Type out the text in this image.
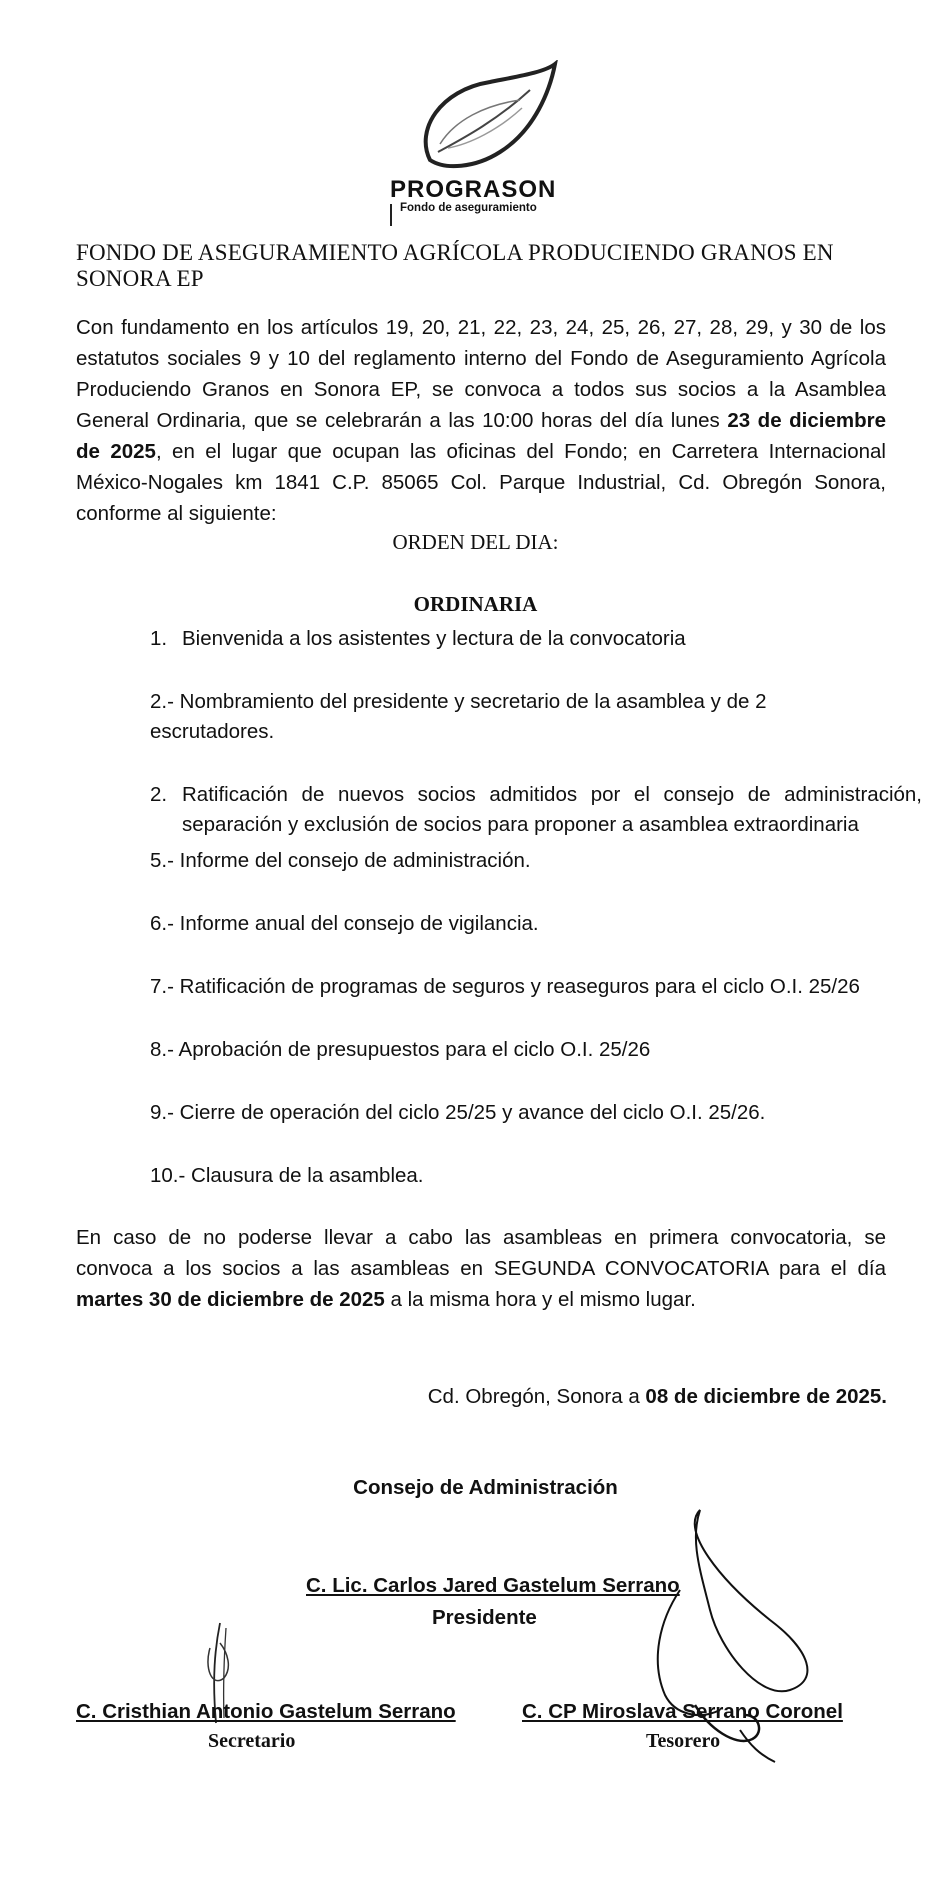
PROGRASON
Fondo de aseguramiento
FONDO DE ASEGURAMIENTO AGRÍCOLA PRODUCIENDO GRANOS EN SONORA EP

Con fundamento en los artículos 19, 20, 21, 22, 23, 24, 25, 26, 27, 28, 29, y 30 de los estatutos sociales 9 y 10 del reglamento interno del Fondo de Aseguramiento Agrícola Produciendo Granos en Sonora EP, se convoca a todos sus socios a la Asamblea General Ordinaria, que se celebrarán a las 10:00 horas del día lunes 23 de diciembre de 2025, en el lugar que ocupan las oficinas del Fondo; en Carretera Internacional México-Nogales km 1841 C.P. 85065 Col. Parque Industrial, Cd. Obregón Sonora, conforme al siguiente:

ORDEN DEL DIA:
ORDINARIA
1. Bienvenida a los asistentes y lectura de la convocatoria
2.- Nombramiento del presidente y secretario de la asamblea y de 2 escrutadores.
2. Ratificación de nuevos socios admitidos por el consejo de administración, separación y exclusión de socios para proponer a asamblea extraordinaria
5.- Informe del consejo de administración.
6.- Informe anual del consejo de vigilancia.
7.- Ratificación de programas de seguros y reaseguros para el ciclo O.I. 25/26
8.- Aprobación de presupuestos para el ciclo O.I. 25/26
9.- Cierre de operación del ciclo 25/25 y avance del ciclo O.I. 25/26.
10.- Clausura de la asamblea.

En caso de no poderse llevar a cabo las asambleas en primera convocatoria, se convoca a los socios a las asambleas en SEGUNDA CONVOCATORIA para el día martes 30 de diciembre de 2025 a la misma hora y el mismo lugar.

Cd. Obregón, Sonora a 08 de diciembre de 2025.
Consejo de Administración
C. Lic. Carlos Jared Gastelum Serrano
Presidente
C. Cristhian Antonio Gastelum Serrano
Secretario
C. CP Miroslava Serrano Coronel
Tesorero
